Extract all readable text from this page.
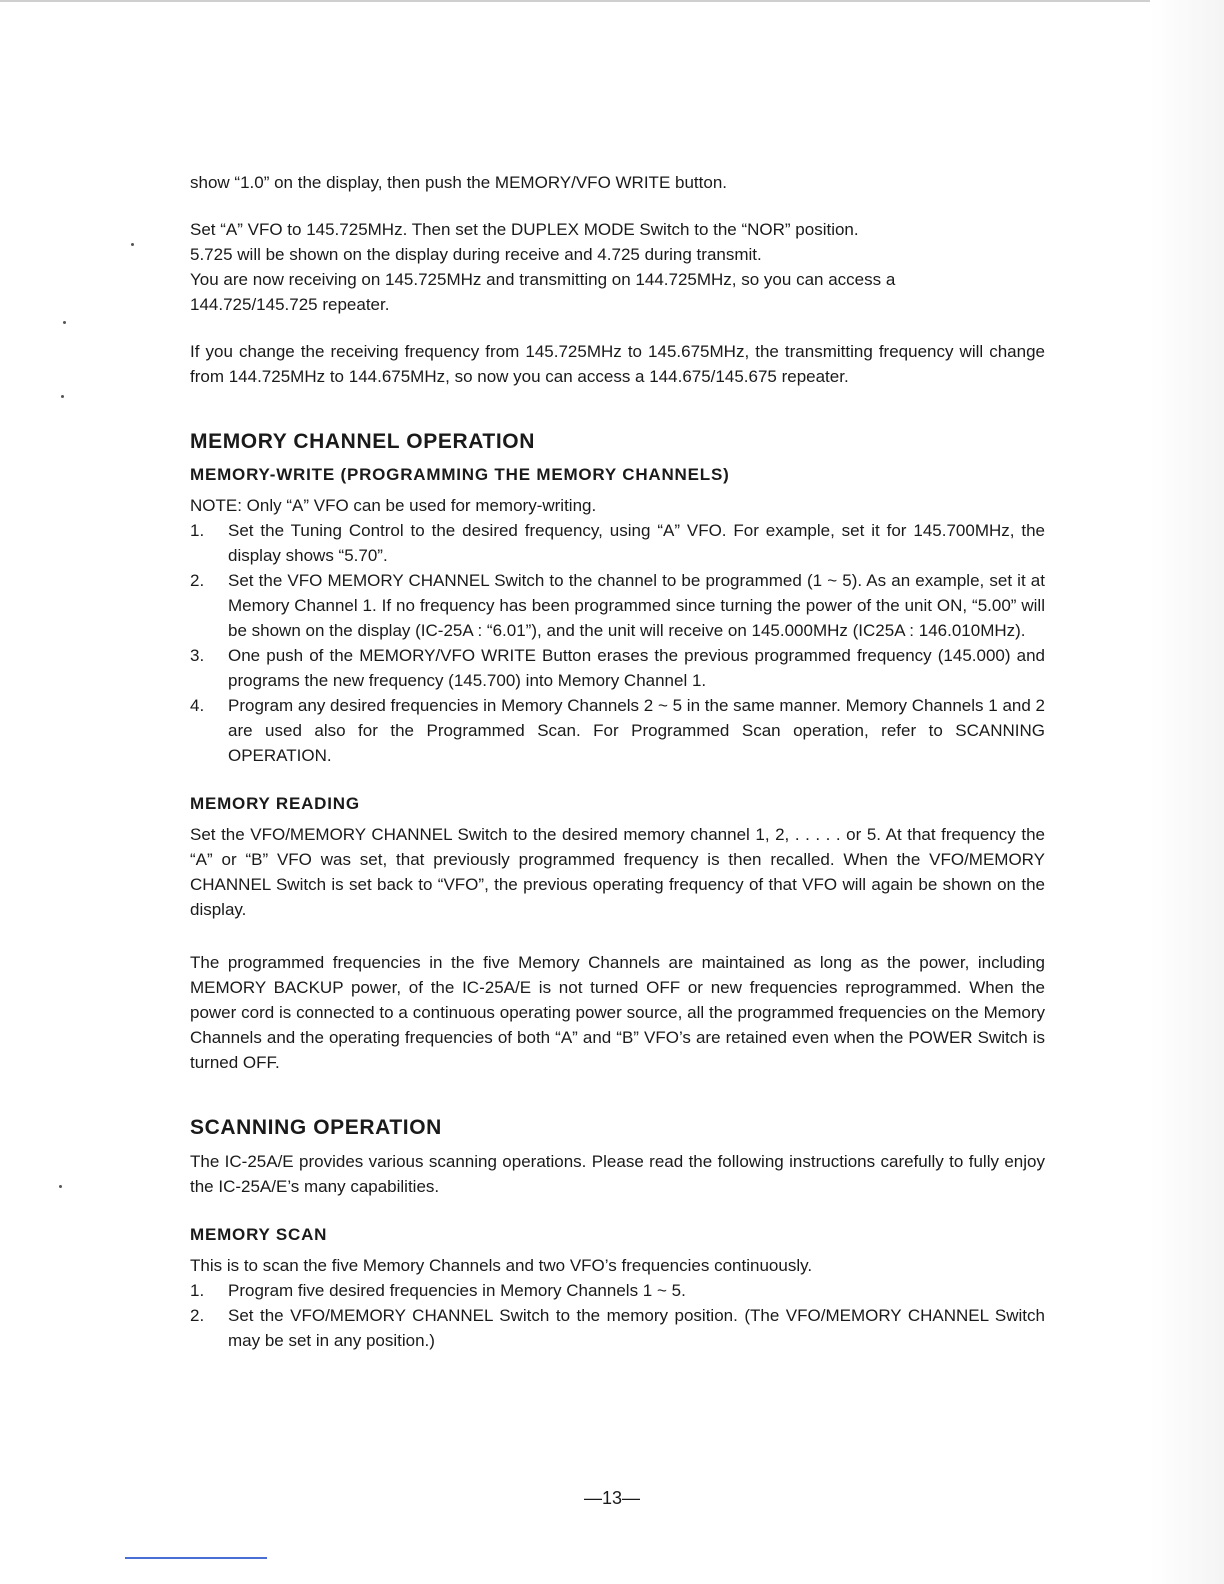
show “1.0” on the display, then push the MEMORY/VFO WRITE button.

Set “A” VFO to 145.725MHz. Then set the DUPLEX MODE Switch to the “NOR” position.
5.725 will be shown on the display during receive and 4.725 during transmit.
You are now receiving on 145.725MHz and transmitting on 144.725MHz, so you can access a
144.725/145.725 repeater.

If you change the receiving frequency from 145.725MHz to 145.675MHz, the transmitting frequency will change from 144.725MHz to 144.675MHz, so now you can access a 144.675/145.675 repeater.

MEMORY CHANNEL OPERATION
MEMORY-WRITE (PROGRAMMING THE MEMORY CHANNELS)

NOTE: Only “A” VFO can be used for memory-writing.

1. Set the Tuning Control to the desired frequency, using “A” VFO. For example, set it for 145.700MHz, the display shows “5.70”.
2. Set the VFO MEMORY CHANNEL Switch to the channel to be programmed (1 ~ 5). As an example, set it at Memory Channel 1. If no frequency has been programmed since turning the power of the unit ON, “5.00” will be shown on the display (IC-25A : “6.01”), and the unit will receive on 145.000MHz (IC25A : 146.010MHz).
3. One push of the MEMORY/VFO WRITE Button erases the previous programmed frequency (145.000) and programs the new frequency (145.700) into Memory Channel 1.
4. Program any desired frequencies in Memory Channels 2 ~ 5 in the same manner. Memory Channels 1 and 2 are used also for the Programmed Scan. For Programmed Scan operation, refer to SCANNING OPERATION.
MEMORY READING

Set the VFO/MEMORY CHANNEL Switch to the desired memory channel 1, 2, . . . . . or 5. At that frequency the “A” or “B” VFO was set, that previously programmed frequency is then recalled. When the VFO/MEMORY CHANNEL Switch is set back to “VFO”, the previous operating frequency of that VFO will again be shown on the display.

The programmed frequencies in the five Memory Channels are maintained as long as the power, including MEMORY BACKUP power, of the IC-25A/E is not turned OFF or new frequencies reprogrammed. When the power cord is connected to a continuous operating power source, all the programmed frequencies on the Memory Channels and the operating frequencies of both “A” and “B” VFO’s are retained even when the POWER Switch is turned OFF.

SCANNING OPERATION

The IC-25A/E provides various scanning operations. Please read the following instructions carefully to fully enjoy the IC-25A/E’s many capabilities.

MEMORY SCAN

This is to scan the five Memory Channels and two VFO’s frequencies continuously.

1. Program five desired frequencies in Memory Channels 1 ~ 5.
2. Set the VFO/MEMORY CHANNEL Switch to the memory position. (The VFO/MEMORY CHANNEL Switch may be set in any position.)
—13—
